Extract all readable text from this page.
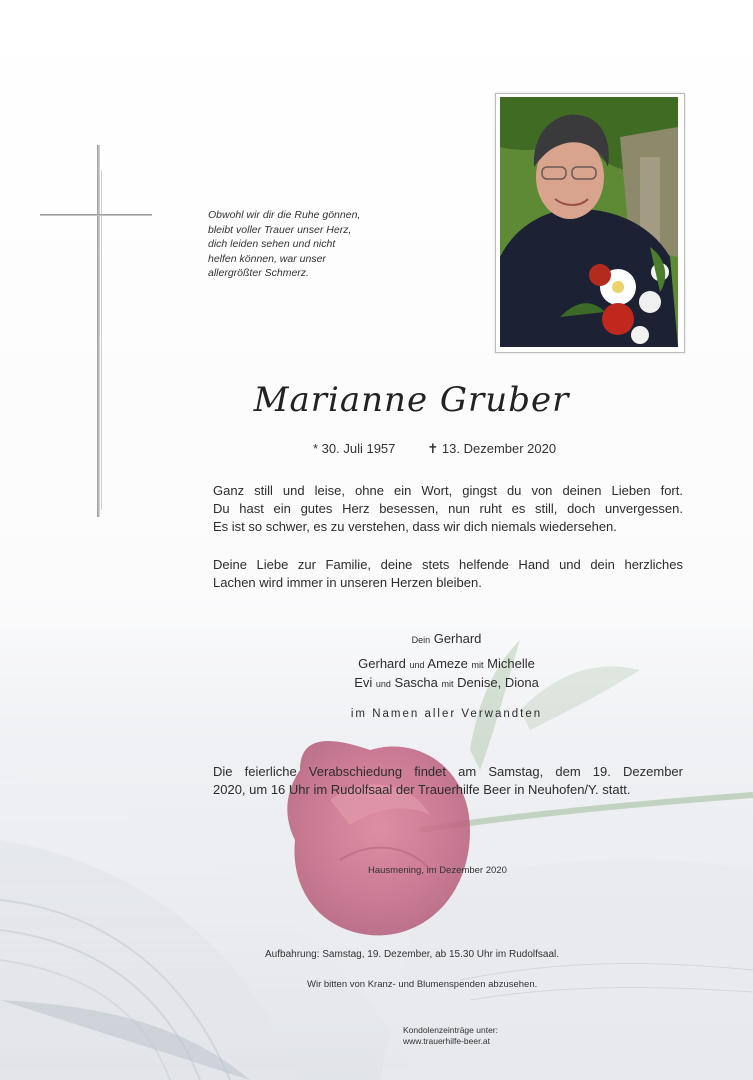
Obwohl wir dir die Ruhe gönnen,
bleibt voller Trauer unser Herz,
dich leiden sehen und nicht
helfen können, war unser
allergrößter Schmerz.
Marianne Gruber
* 30. Juli 1957 ✝ 13. Dezember 2020
Ganz still und leise, ohne ein Wort, gingst du von deinen Lieben fort.
Du hast ein gutes Herz besessen, nun ruht es still, doch unvergessen.
Es ist so schwer, es zu verstehen, dass wir dich niemals wiedersehen.
Deine Liebe zur Familie, deine stets helfende Hand und dein herzliches
Lachen wird immer in unseren Herzen bleiben.
Dein Gerhard
Gerhard und Ameze mit Michelle
Evi und Sascha mit Denise, Diona
im Namen aller Verwandten
Die feierliche Verabschiedung findet am Samstag, dem 19. Dezember
2020, um 16 Uhr im Rudolfsaal der Trauerhilfe Beer in Neuhofen/Y. statt.
Hausmening, im Dezember 2020
Aufbahrung: Samstag, 19. Dezember, ab 15.30 Uhr im Rudolfsaal.
Wir bitten von Kranz- und Blumenspenden abzusehen.
Kondolenzeinträge unter:
www.trauerhilfe-beer.at
